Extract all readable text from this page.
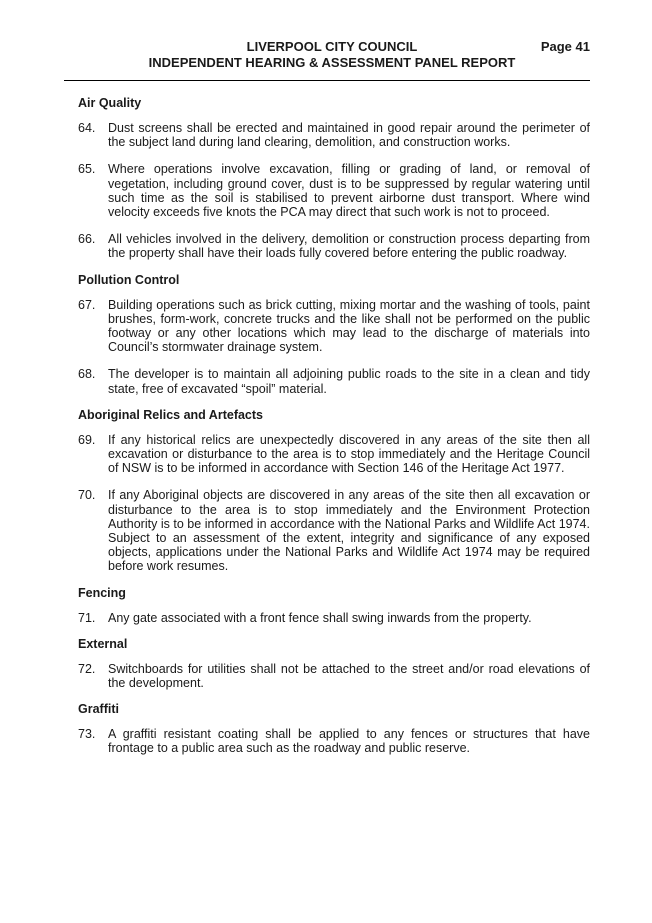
LIVERPOOL CITY COUNCIL
INDEPENDENT HEARING & ASSESSMENT PANEL REPORT
Page 41
Air Quality
64.	Dust screens shall be erected and maintained in good repair around the perimeter of the subject land during land clearing, demolition, and construction works.
65.	Where operations involve excavation, filling or grading of land, or removal of vegetation, including ground cover, dust is to be suppressed by regular watering until such time as the soil is stabilised to prevent airborne dust transport. Where wind velocity exceeds five knots the PCA may direct that such work is not to proceed.
66.	All vehicles involved in the delivery, demolition or construction process departing from the property shall have their loads fully covered before entering the public roadway.
Pollution Control
67.	Building operations such as brick cutting, mixing mortar and the washing of tools, paint brushes, form-work, concrete trucks and the like shall not be performed on the public footway or any other locations which may lead to the discharge of materials into Council’s stormwater drainage system.
68.	The developer is to maintain all adjoining public roads to the site in a clean and tidy state, free of excavated “spoil” material.
Aboriginal Relics and Artefacts
69.	If any historical relics are unexpectedly discovered in any areas of the site then all excavation or disturbance to the area is to stop immediately and the Heritage Council of NSW is to be informed in accordance with Section 146 of the Heritage Act 1977.
70.	If any Aboriginal objects are discovered in any areas of the site then all excavation or disturbance to the area is to stop immediately and the Environment Protection Authority is to be informed in accordance with the National Parks and Wildlife Act 1974. Subject to an assessment of the extent, integrity and significance of any exposed objects, applications under the National Parks and Wildlife Act 1974 may be required before work resumes.
Fencing
71.	Any gate associated with a front fence shall swing inwards from the property.
External
72.	Switchboards for utilities shall not be attached to the street and/or road elevations of the development.
Graffiti
73.	A graffiti resistant coating shall be applied to any fences or structures that have frontage to a public area such as the roadway and public reserve.
